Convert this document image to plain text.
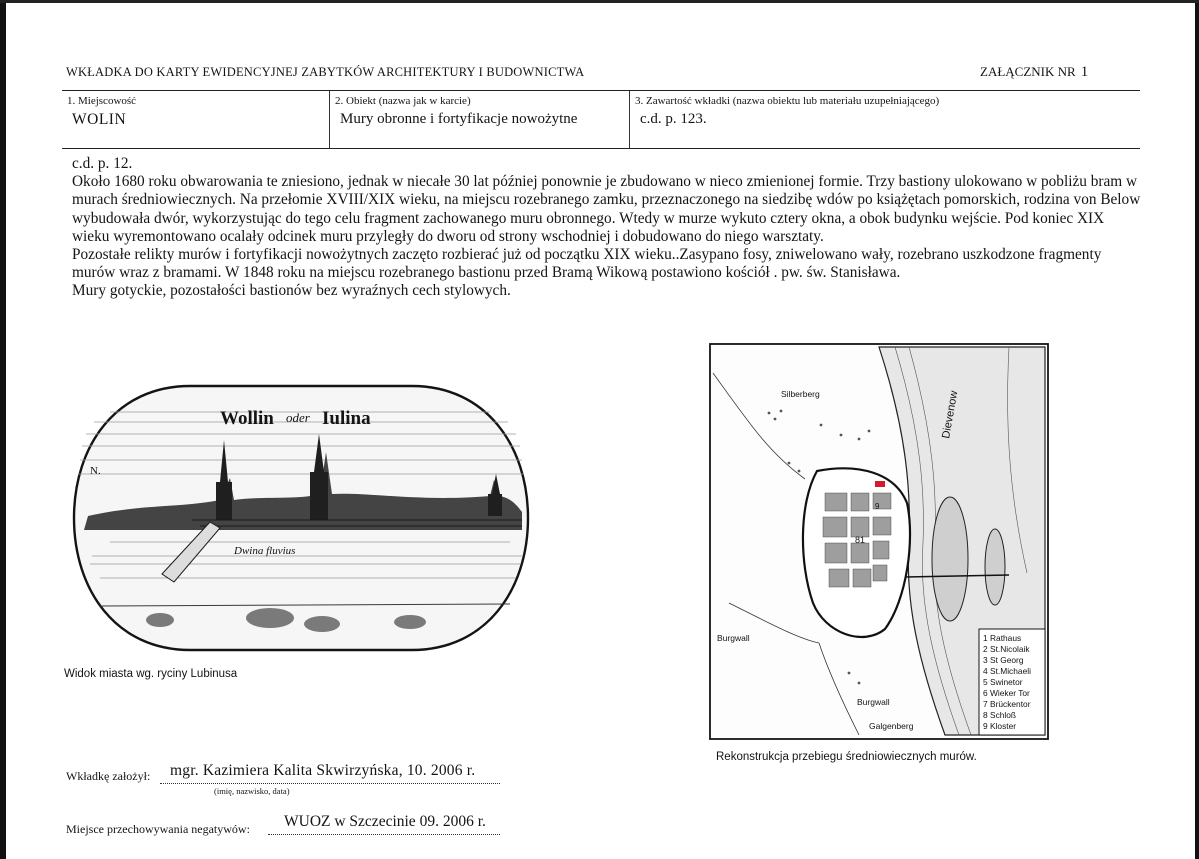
WKŁADKA DO KARTY EWIDENCYJNEJ ZABYTKÓW ARCHITEKTURY I BUDOWNICTWA	ZAŁĄCZNIK NR 1
1. Miejscowość
WOLIN
2. Obiekt (nazwa jak w karcie)
Mury obronne i fortyfikacje nowożytne
3. Zawartość wkładki (nazwa obiektu lub materiału uzupełniającego)
c.d. p. 123.

c.d. p. 12.

Około 1680 roku obwarowania te zniesiono, jednak w niecałe 30 lat później ponownie je zbudowano w nieco zmienionej formie. Trzy bastiony ulokowano w pobliżu bram w murach średniowiecznych. Na przełomie XVIII/XIX wieku, na miejscu rozebranego zamku, przeznaczonego na siedzibę wdów po książętach pomorskich, rodzina von Below wybudowała dwór, wykorzystując do tego celu fragment zachowanego muru obronnego. Wtedy w murze wykuto cztery okna, a obok budynku wejście. Pod koniec XIX wieku wyremontowano ocalały odcinek muru przyległy do dworu od strony wschodniej i dobudowano do niego warsztaty.

Pozostałe relikty murów i fortyfikacji nowożytnych zaczęto rozbierać już od początku XIX wieku..Zasypano fosy, zniwelowano wały, rozebrano uszkodzone fragmenty murów wraz z bramami. W 1848 roku na miejscu rozebranego bastionu przed Bramą Wikową postawiono kościół . pw. św. Stanisława.

Mury gotyckie, pozostałości bastionów bez wyraźnych cech stylowych.

Wollin oder Iulina
N.
Dwina fluvius
Widok miasta wg. ryciny Lubinusa
Dievenow
Silberberg
Burgwall
Burgwall
Galgenberg
81
9
1 Rathaus
2 St.Nicolaik
3 St Georg
4 St.Michaeli
5 Swinetor
6 Wieker Tor
7 Brückentor
8 Schloß
9 Kloster
Rekonstrukcja przebiegu średniowiecznych murów.
Wkładkę założył: mgr. Kazimiera Kalita Skwirzyńska, 10. 2006 r.
(imię, nazwisko, data)
Miejsce przechowywania negatywów: WUOZ w Szczecinie 09. 2006 r.
